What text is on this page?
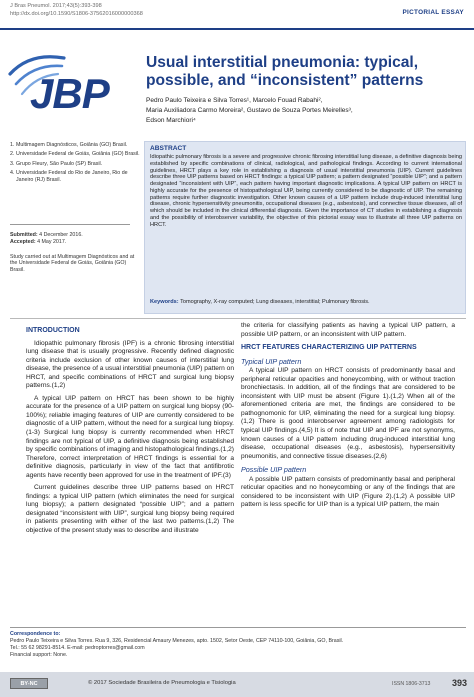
J Bras Pneumol. 2017;43(5):393-398
http://dx.doi.org/10.1590/S1806-37562016000000368	PICTORIAL ESSAY
JBP
Usual interstitial pneumonia: typical,
possible, and “inconsistent” patterns
Pedro Paulo Teixeira e Silva Torres¹, Marcelo Fouad Rabahi²,
Maria Auxiliadora Carmo Moreira², Gustavo de Souza Portes Meirelles³,
Edson Marchiori⁴
1. Multimagem Diagnósticos, Goiânia (GO) Brasil.
2. Universidade Federal de Goiás, Goiânia (GO) Brasil.
3. Grupo Fleury, São Paulo (SP) Brasil.
4. Universidade Federal do Rio de Janeiro, Rio de Janeiro (RJ) Brasil.
Submitted: 4 December 2016.
Accepted: 4 May 2017.
Study carried out at Multimagem Diagnósticos and at the Universidade Federal de Goiás, Goiânia (GO) Brasil.
ABSTRACT
Idiopathic pulmonary fibrosis is a severe and progressive chronic fibrosing interstitial lung disease, a definitive diagnosis being established by specific combinations of clinical, radiological, and pathological findings. According to current international guidelines, HRCT plays a key role in establishing a diagnosis of usual interstitial pneumonia (UIP). Current guidelines describe three UIP patterns based on HRCT findings: a typical UIP pattern; a pattern designated “possible UIP”; and a pattern designated “inconsistent with UIP”, each pattern having important diagnostic implications. A typical UIP pattern on HRCT is highly accurate for the presence of histopathological UIP, being currently considered to be diagnostic of UIP. The remaining patterns require further diagnostic investigation. Other known causes of a UIP pattern include drug-induced interstitial lung disease, chronic hypersensitivity pneumonitis, occupational diseases (e.g., asbestosis), and connective tissue diseases, all of which should be included in the clinical differential diagnosis. Given the importance of CT studies in establishing a diagnosis and the possibility of interobserver variability, the objective of this pictorial essay was to illustrate all three UIP patterns on HRCT.
Keywords: Tomography, X-ray computed; Lung diseases, interstitial; Pulmonary fibrosis.
INTRODUCTION

Idiopathic pulmonary fibrosis (IPF) is a chronic fibrosing interstitial lung disease that is usually progressive. Recently defined diagnostic criteria include exclusion of other known causes of interstitial lung disease, the presence of a usual interstitial pneumonia (UIP) pattern on HRCT, and specific combinations of HRCT and surgical lung biopsy patterns.(1,2)

A typical UIP pattern on HRCT has been shown to be highly accurate for the presence of a UIP pattern on surgical lung biopsy (90-100%); reliable imaging features of UIP are currently considered to be diagnostic of a UIP pattern, without the need for a surgical lung biopsy.(1-3) Surgical lung biopsy is currently recommended when HRCT findings are not typical of UIP, a definitive diagnosis being established by specific combinations of imaging and histopathological findings.(1,2) Therefore, correct interpretation of HRCT findings is essential for a definitive diagnosis, particularly in view of the fact that antifibrotic agents have recently been approved for use in the treatment of IPF.(3)

Current guidelines describe three UIP patterns based on HRCT findings: a typical UIP pattern (which eliminates the need for surgical lung biopsy); a pattern designated “possible UIP”; and a pattern designated “inconsistent with UIP”, surgical lung biopsy being required in patients presenting with either of the last two patterns.(1,2) The objective of the present study was to describe and illustrate

the criteria for classifying patients as having a typical UIP pattern, a possible UIP pattern, or an inconsistent with UIP pattern.

HRCT FEATURES CHARACTERIZING UIP PATTERNS
Typical UIP pattern

A typical UIP pattern on HRCT consists of predominantly basal and peripheral reticular opacities and honeycombing, with or without traction bronchiectasis. In addition, all of the findings that are considered to be inconsistent with UIP must be absent (Figure 1).(1,2) When all of the aforementioned criteria are met, the findings are considered to be pathognomonic for UIP, eliminating the need for a surgical lung biopsy.(1,2) There is good interobserver agreement among radiologists for typical UIP findings.(4,5) It is of note that UIP and IPF are not synonyms, known causes of a UIP pattern including drug-induced interstitial lung disease, occupational diseases (e.g., asbestosis), hypersensitivity pneumonitis, and connective tissue diseases.(2,6)

Possible UIP pattern

A possible UIP pattern consists of predominantly basal and peripheral reticular opacities and no honeycombing or any of the findings that are considered to be inconsistent with UIP (Figure 2).(1,2) A possible UIP pattern is less specific for UIP than is a typical UIP pattern, the main

Correspondence to:
Pedro Paulo Teixeira e Silva Torres. Rua 9, 326, Residencial Amaury Menezes, apto. 1502, Setor Oeste, CEP 74110-100, Goiânia, GO, Brasil.
Tel.: 55 62 98291-8514. E-mail: pedroptorres@gmail.com
Financial support: None.
BY-NC	© 2017 Sociedade Brasileira de Pneumologia e Tisiologia	ISSN 1806-3713 393
